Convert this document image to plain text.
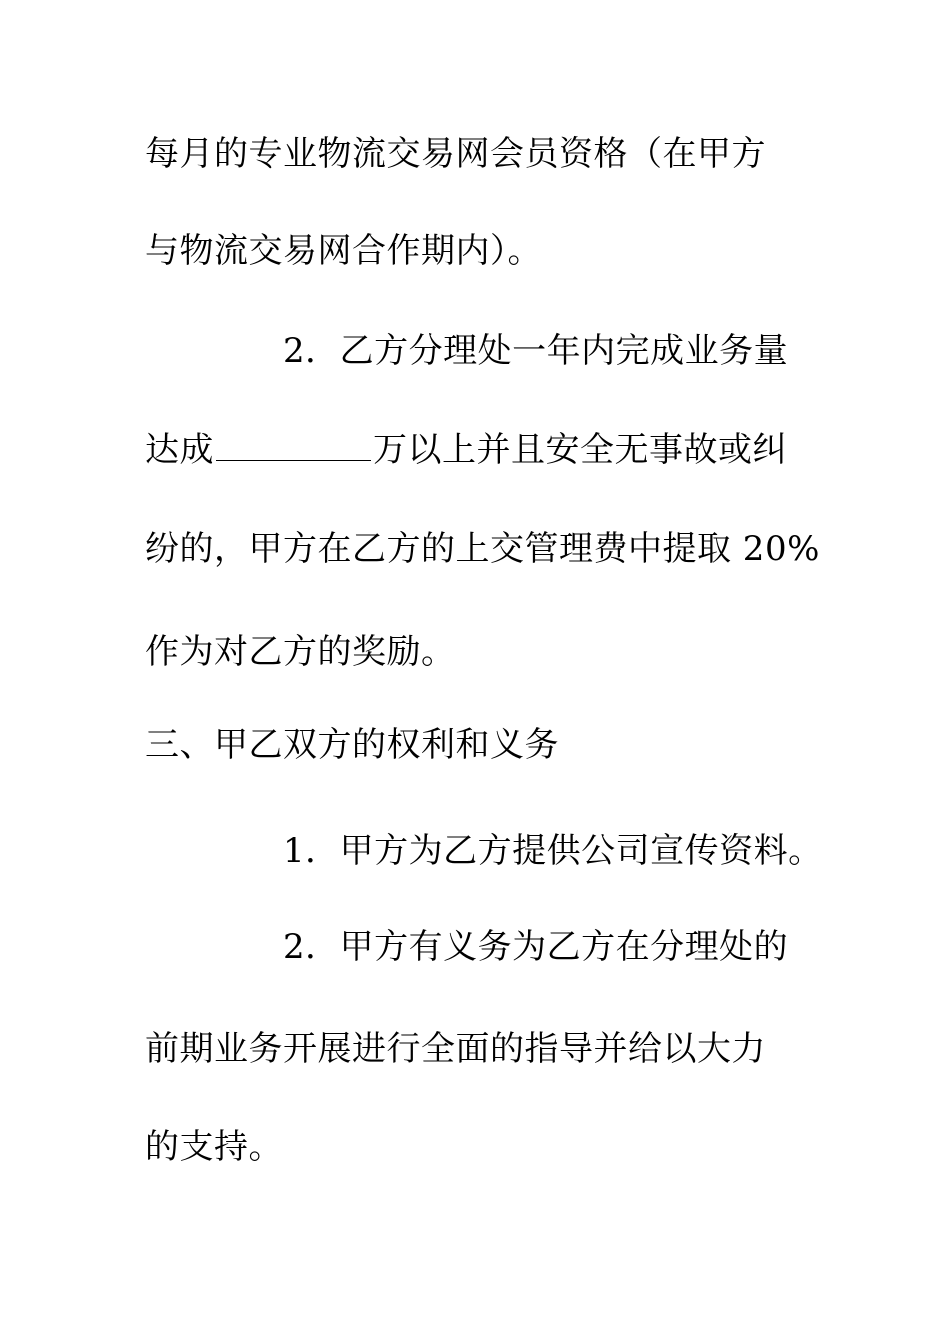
每月的专业物流交易网会员资格（在甲方
与物流交易网合作期内）。
2．乙方分理处一年内完成业务量
达成	万以上并且安全无事故或纠
纷的，甲方在乙方的上交管理费中提取 20%
作为对乙方的奖励。
三、甲乙双方的权利和义务
1．甲方为乙方提供公司宣传资料。
2．甲方有义务为乙方在分理处的
前期业务开展进行全面的指导并给以大力
的支持。
